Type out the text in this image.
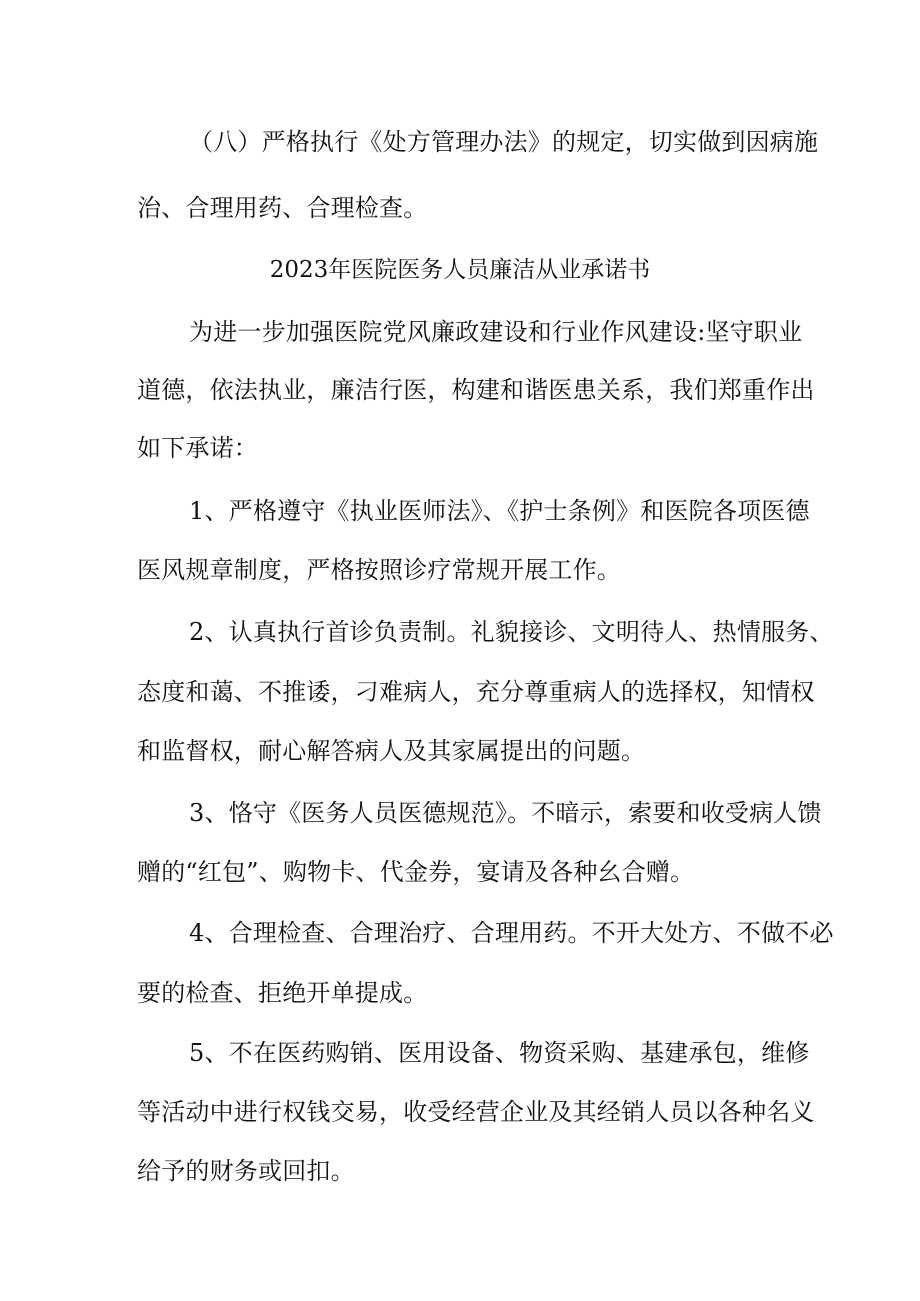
（八）严格执行《处方管理办法》的规定，切实做到因病施
治、合理用药、合理检查。
2023年医院医务人员廉洁从业承诺书
为进一步加强医院党风廉政建设和行业作风建设:坚守职业
道德，依法执业，廉洁行医，构建和谐医患关系，我们郑重作出
如下承诺：
1、严格遵守《执业医师法》、《护士条例》和医院各项医德
医风规章制度，严格按照诊疗常规开展工作。
2、认真执行首诊负责制。礼貌接诊、文明待人、热情服务、
态度和蔼、不推诿，刁难病人，充分尊重病人的选择权，知情权
和监督权，耐心解答病人及其家属提出的问题。
3、恪守《医务人员医德规范》。不暗示，索要和收受病人馈
赠的“红包”、购物卡、代金券，宴请及各种幺合赠。
4、合理检查、合理治疗、合理用药。不开大处方、不做不必
要的检查、拒绝开单提成。
5、不在医药购销、医用设备、物资采购、基建承包，维修
等活动中进行权钱交易，收受经营企业及其经销人员以各种名义
给予的财务或回扣。
